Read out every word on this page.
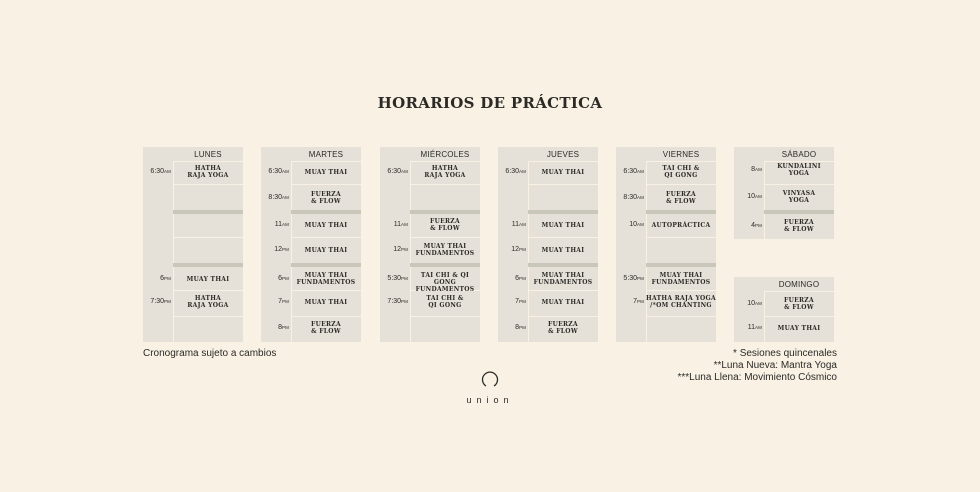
HORARIOS DE PRÁCTICA
LUNES
HATHA
RAJA YOGA
6:30AM
MUAY THAI
6PM
HATHA
RAJA YOGA
7:30PM
MARTES
MUAY THAI
6:30AM
FUERZA
& FLOW
8:30AM
MUAY THAI
11AM
MUAY THAI
12PM
MUAY THAI
FUNDAMENTOS
6PM
MUAY THAI
7PM
FUERZA
& FLOW
8PM
MIÉRCOLES
HATHA
RAJA YOGA
6:30AM
FUERZA
& FLOW
11AM
MUAY THAI
FUNDAMENTOS
12PM
TAI CHI & QI GONG
FUNDAMENTOS
5:30PM
TAI CHI &
QI GONG
7:30PM
JUEVES
MUAY THAI
6:30AM
MUAY THAI
11AM
MUAY THAI
12PM
MUAY THAI
FUNDAMENTOS
6PM
MUAY THAI
7PM
FUERZA
& FLOW
8PM
VIERNES
TAI CHI &
QI GONG
6:30AM
FUERZA
& FLOW
8:30AM
AUTOPRÁCTICA
10AM
MUAY THAI
FUNDAMENTOS
5:30PM
HATHA RAJA YOGA
/*OM CHANTING
7PM
SÁBADO
KUNDALINI
YOGA
8AM
VINYASA
YOGA
10AM
FUERZA
& FLOW
4PM
DOMINGO
FUERZA
& FLOW
10AM
MUAY THAI
11AM
Cronograma sujeto a cambios	* Sesiones quincenales
**Luna Nueva: Mantra Yoga
***Luna Llena: Movimiento Cósmico
union
